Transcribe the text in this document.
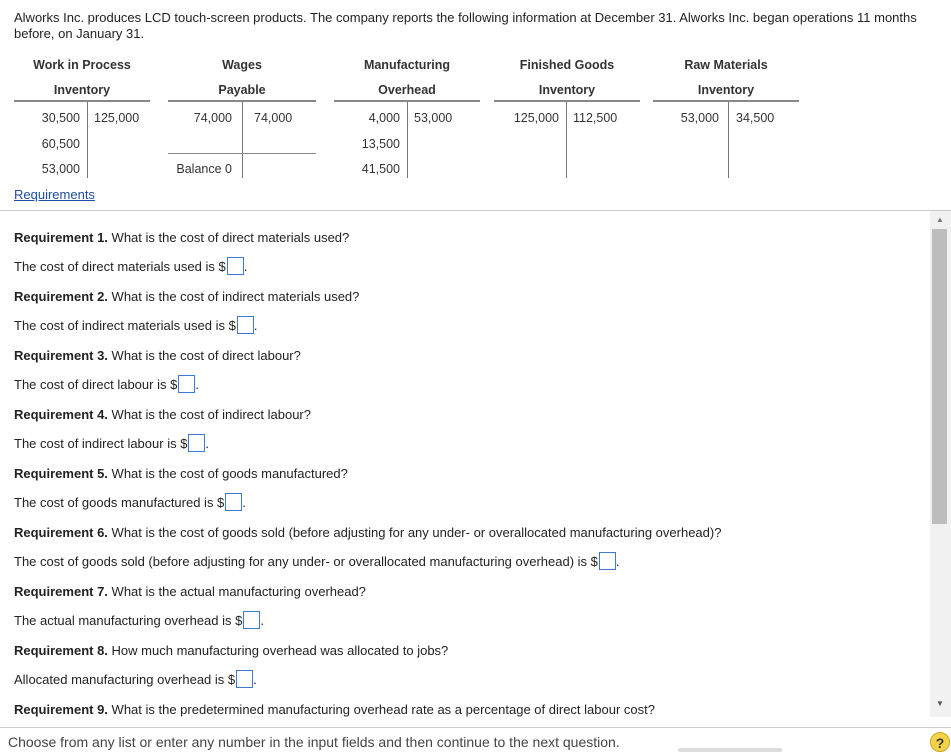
Alworks Inc. produces LCD touch-screen products. The company reports the following information at December 31. Alworks Inc. began operations 11 months before, on January 31.

Work in Process
Inventory
30,500
60,500
53,000
125,000
Wages
Payable
74,000 74,000
Balance 0
Manufacturing
Overhead
4,000
13,500
41,500
53,000
Finished Goods
Inventory
125,000 112,500
Raw Materials
Inventory
53,000 34,500
Requirements
Requirement 1. What is the cost of direct materials used?
The cost of direct materials used is $ .
Requirement 2. What is the cost of indirect materials used?
The cost of indirect materials used is $ .
Requirement 3. What is the cost of direct labour?
The cost of direct labour is $ .
Requirement 4. What is the cost of indirect labour?
The cost of indirect labour is $ .
Requirement 5. What is the cost of goods manufactured?
The cost of goods manufactured is $ .
Requirement 6. What is the cost of goods sold (before adjusting for any under- or overallocated manufacturing overhead)?
The cost of goods sold (before adjusting for any under- or overallocated manufacturing overhead) is $ .
Requirement 7. What is the actual manufacturing overhead?
The actual manufacturing overhead is $ .
Requirement 8. How much manufacturing overhead was allocated to jobs?
Allocated manufacturing overhead is $ .
Requirement 9. What is the predetermined manufacturing overhead rate as a percentage of direct labour cost?
▲
▼
Choose from any list or enter any number in the input fields and then continue to the next question.	?
